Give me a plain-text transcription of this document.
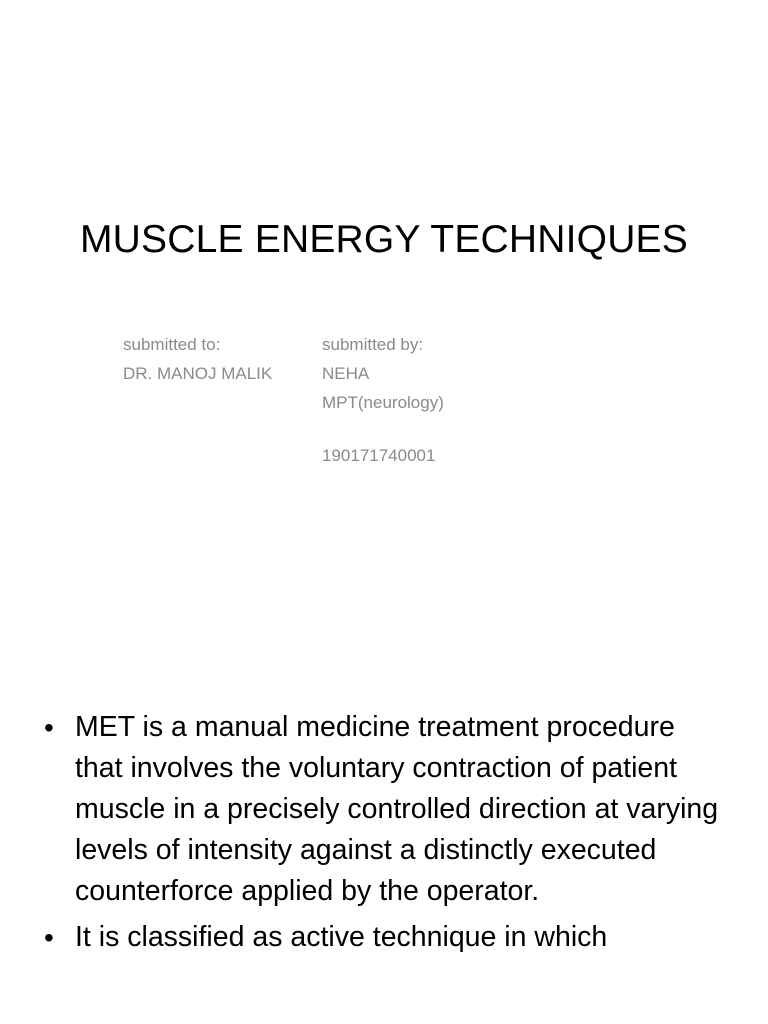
MUSCLE ENERGY TECHNIQUES
submitted to:
DR. MANOJ MALIK
submitted by:
NEHA
MPT(neurology)
190171740001
• MET is a manual medicine treatment procedure that involves the voluntary contraction of patient muscle in a precisely controlled direction at varying levels of intensity against a distinctly executed counterforce applied by the operator.
• It is classified as active technique in which
